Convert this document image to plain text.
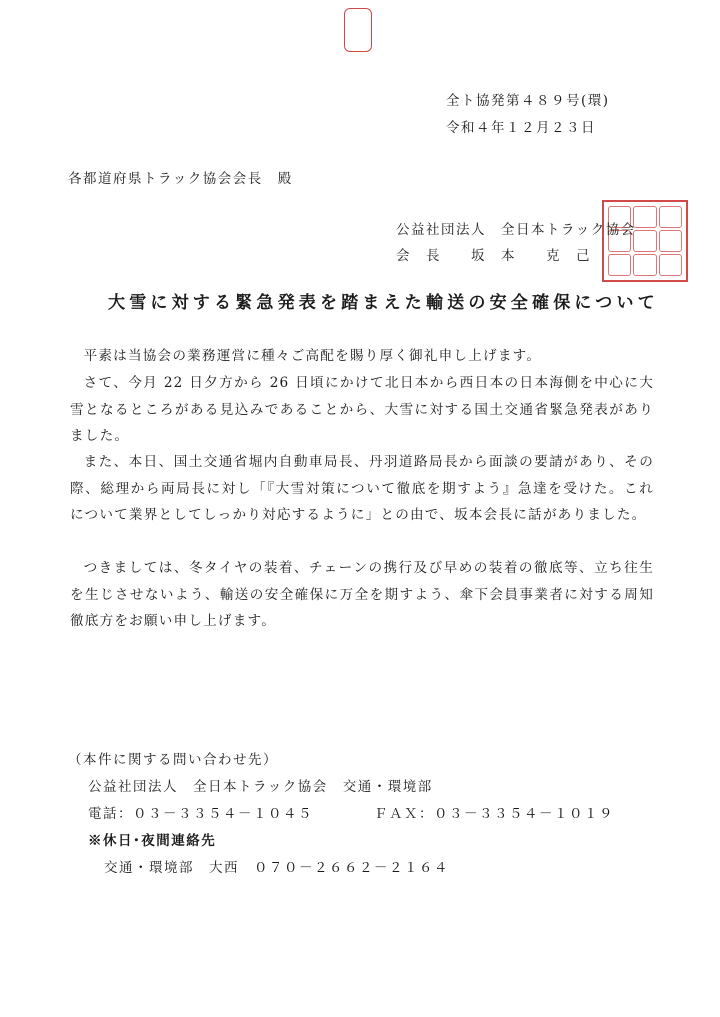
全ト協発第４８９号(環)
令和４年１２月２３日
各都道府県トラック協会会長　殿
公益社団法人　全日本トラック協会
会　長　　坂　本　　克　己
大雪に対する緊急発表を踏まえた輸送の安全確保について
平素は当協会の業務運営に種々ご高配を賜り厚く御礼申し上げます。
さて、今月 22 日夕方から 26 日頃にかけて北日本から西日本の日本海側を中心に大雪となるところがある見込みであることから、大雪に対する国土交通省緊急発表がありました。
また、本日、国土交通省堀内自動車局長、丹羽道路局長から面談の要請があり、その際、総理から両局長に対し「『大雪対策について徹底を期すよう』急達を受けた。これについて業界としてしっかり対応するように」との由で、坂本会長に話がありました。
つきましては、冬タイヤの装着、チェーンの携行及び早めの装着の徹底等、立ち往生を生じさせないよう、輸送の安全確保に万全を期すよう、傘下会員事業者に対する周知徹底方をお願い申し上げます。
（本件に関する問い合わせ先）
公益社団法人　全日本トラック協会　交通・環境部
電話：０３－３３５４－１０４５	ＦＡＸ：０３－３３５４－１０１９
※休日･夜間連絡先
交通・環境部　大西　０７０－２６６２－２１６４
